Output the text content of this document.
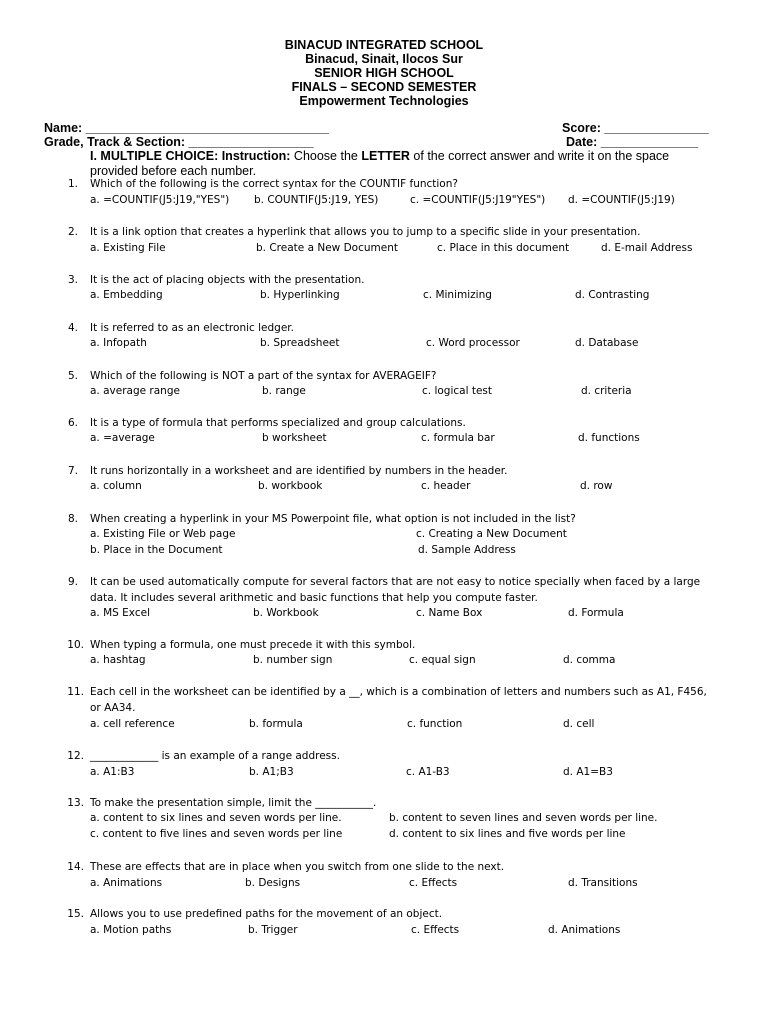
BINACUD INTEGRATED SCHOOL
Binacud, Sinait, Ilocos Sur
SENIOR HIGH SCHOOL
FINALS – SECOND SEMESTER
Empowerment Technologies
Name: ___________________________________
Grade, Track & Section: __________________
Score: _______________
Date: ______________
I. MULTIPLE CHOICE: Instruction: Choose the LETTER of the correct answer and write it on the space provided before each number.
1. Which of the following is the correct syntax for the COUNTIF function?
a. =COUNTIF(J5:J19,"YES") b. COUNTIF(J5:J19, YES)	c. =COUNTIF(J5:J19"YES") d. =COUNTIF(J5:J19)
2. It is a link option that creates a hyperlink that allows you to jump to a specific slide in your presentation.
a. Existing File	b. Create a New Document	c. Place in this document	d. E-mail Address
3. It is the act of placing objects with the presentation.
a. Embedding	b. Hyperlinking	c. Minimizing	d. Contrasting
4. It is referred to as an electronic ledger.
a. Infopath	b. Spreadsheet	c. Word processor	d. Database
5. Which of the following is NOT a part of the syntax for AVERAGEIF?
a. average range	b. range	c. logical test	d. criteria
6. It is a type of formula that performs specialized and group calculations.
a. =average	b worksheet	c. formula bar	d. functions
7. It runs horizontally in a worksheet and are identified by numbers in the header.
a. column	b. workbook	c. header	d. row
8. When creating a hyperlink in your MS Powerpoint file, what option is not included in the list?
a. Existing File or Web page	c. Creating a New Document
b. Place in the Document	d. Sample Address
9. It can be used automatically compute for several factors that are not easy to notice specially when faced by a large data. It includes several arithmetic and basic functions that help you compute faster.
a. MS Excel	b. Workbook	c. Name Box	d. Formula
10. When typing a formula, one must precede it with this symbol.
a. hashtag	b. number sign	c. equal sign	d. comma
11. Each cell in the worksheet can be identified by a __, which is a combination of letters and numbers such as A1, F456, or AA34.
a. cell reference	b. formula	c. function	d. cell
12. _____________ is an example of a range address.
a. A1:B3	b. A1;B3	c. A1-B3	d. A1=B3
13. To make the presentation simple, limit the ___________.
a. content to six lines and seven words per line.	b. content to seven lines and seven words per line.
c. content to five lines and seven words per line	d. content to six lines and five words per line
14. These are effects that are in place when you switch from one slide to the next.
a. Animations	b. Designs	c. Effects	d. Transitions
15. Allows you to use predefined paths for the movement of an object.
a. Motion paths	b. Trigger	c. Effects	d. Animations
